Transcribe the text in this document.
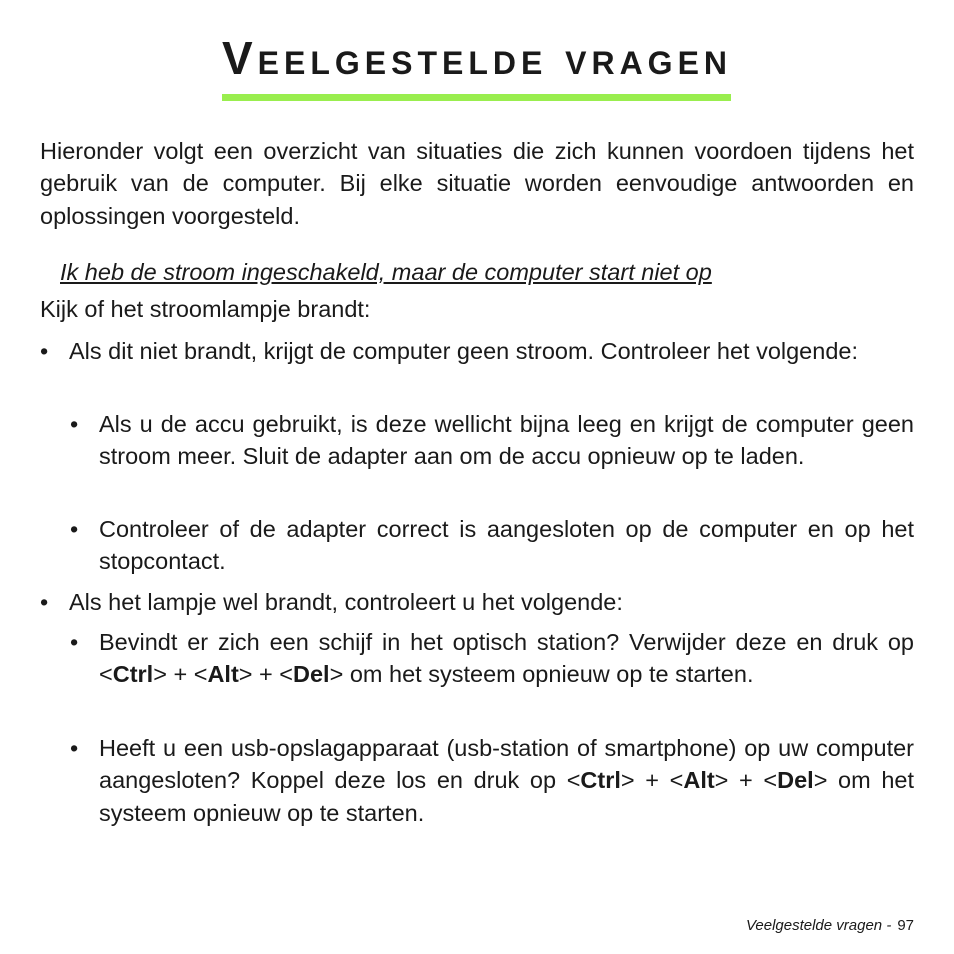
Veelgestelde vragen

Hieronder volgt een overzicht van situaties die zich kunnen voordoen tijdens het gebruik van de computer. Bij elke situatie worden eenvoudige antwoorden en oplossingen voorgesteld.

Ik heb de stroom ingeschakeld, maar de computer start niet op

Kijk of het stroomlampje brandt:

• Als dit niet brandt, krijgt de computer geen stroom. Controleer het volgende:

• Als u de accu gebruikt, is deze wellicht bijna leeg en krijgt de computer geen stroom meer. Sluit de adapter aan om de accu opnieuw op te laden.

• Controleer of de adapter correct is aangesloten op de computer en op het stopcontact.

• Als het lampje wel brandt, controleert u het volgende:

• Bevindt er zich een schijf in het optisch station? Verwijder deze en druk op <Ctrl> + <Alt> + <Del> om het systeem opnieuw op te starten.

• Heeft u een usb-opslagapparaat (usb-station of smartphone) op uw computer aangesloten? Koppel deze los en druk op <Ctrl> + <Alt> + <Del> om het systeem opnieuw op te starten.

Veelgestelde vragen - 97
